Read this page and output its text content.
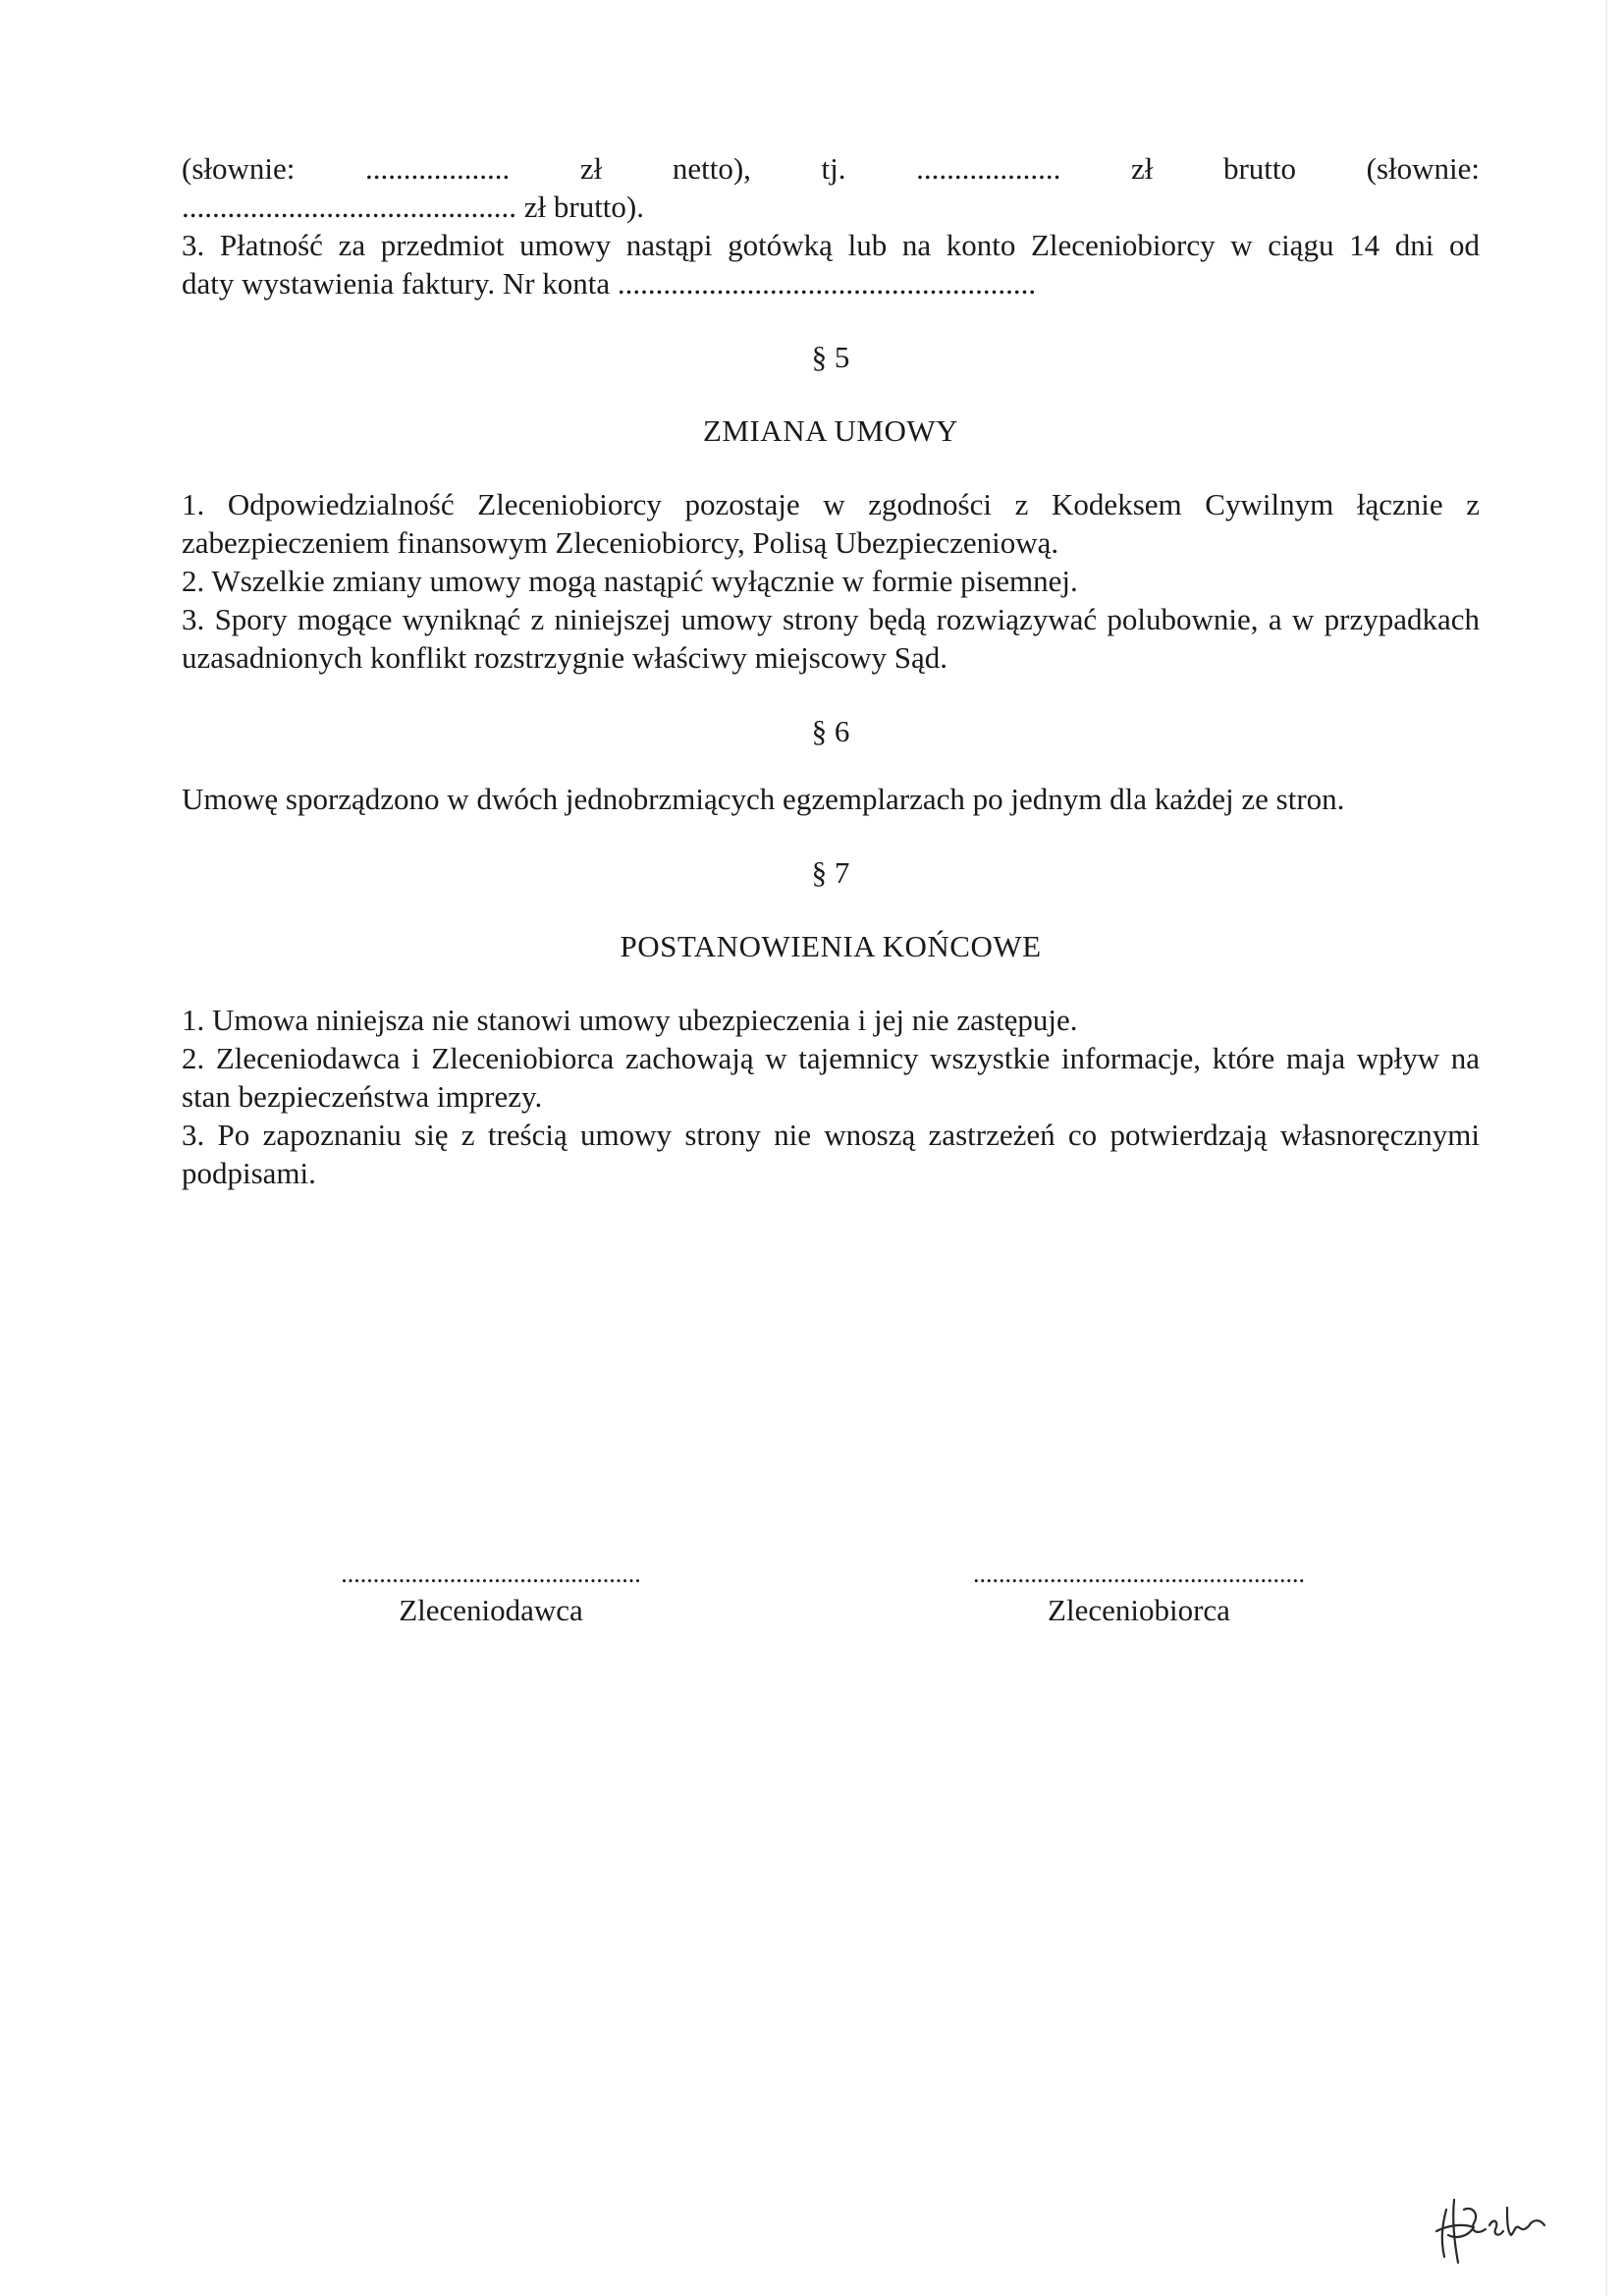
(słownie: ................... zł netto), tj. ................... zł brutto (słownie:
............................................ zł brutto).
3. Płatność za przedmiot umowy nastąpi gotówką lub na konto Zleceniobiorcy w ciągu 14 dni od
daty wystawienia faktury. Nr konta .......................................................
§ 5
ZMIANA UMOWY
1. Odpowiedzialność Zleceniobiorcy pozostaje w zgodności z Kodeksem Cywilnym łącznie z zabezpieczeniem finansowym Zleceniobiorcy, Polisą Ubezpieczeniową.
2. Wszelkie zmiany umowy mogą nastąpić wyłącznie w formie pisemnej.
3. Spory mogące wyniknąć z niniejszej umowy strony będą rozwiązywać polubownie, a w przypadkach uzasadnionych konflikt rozstrzygnie właściwy miejscowy Sąd.
§ 6
Umowę sporządzono w dwóch jednobrzmiących egzemplarzach po jednym dla każdej ze stron.
§ 7
POSTANOWIENIA KOŃCOWE
1. Umowa niniejsza nie stanowi umowy ubezpieczenia i jej nie zastępuje.
2. Zleceniodawca i Zleceniobiorca zachowają w tajemnicy wszystkie informacje, które maja wpływ na stan bezpieczeństwa imprezy.
3. Po zapoznaniu się z treścią umowy strony nie wnoszą zastrzeżeń co potwierdzają własnoręcznymi podpisami.
...............................................
Zleceniodawca
....................................................
Zleceniobiorca
